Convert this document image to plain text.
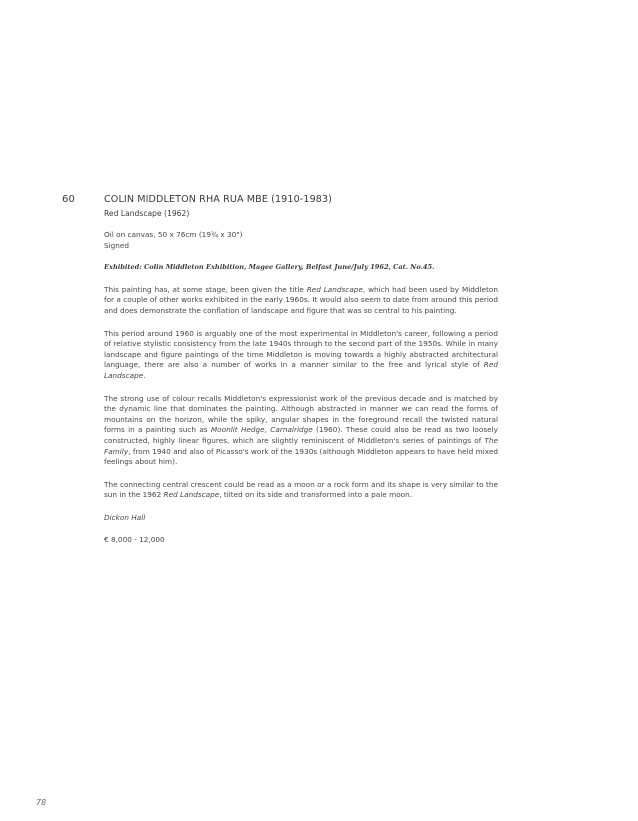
60	COLIN MIDDLETON RHA RUA MBE (1910-1983)
Red Landscape (1962)
Oil on canvas, 50 x 76cm (19¾ x 30")
Signed
Exhibited: Colin Middleton Exhibition, Magee Gallery, Belfast June/July 1962, Cat. No.45.
This painting has, at some stage, been given the title Red Landscape, which had been used by Middleton for a couple of other works exhibited in the early 1960s. It would also seem to date from around this period and does demonstrate the conflation of landscape and figure that was so central to his painting.
This period around 1960 is arguably one of the most experimental in Middleton's career, following a period of relative stylistic consistency from the late 1940s through to the second part of the 1950s. While in many landscape and figure paintings of the time Middleton is moving towards a highly abstracted architectural language, there are also a number of works in a manner similar to the free and lyrical style of Red Landscape.
The strong use of colour recalls Middleton's expressionist work of the previous decade and is matched by the dynamic line that dominates the painting. Although abstracted in manner we can read the forms of mountains on the horizon, while the spiky, angular shapes in the foreground recall the twisted natural forms in a painting such as Moonlit Hedge, Carnalridge (1960). These could also be read as two loosely constructed, highly linear figures, which are slightly reminiscent of Middleton's series of paintings of The Family, from 1940 and also of Picasso's work of the 1930s (although Middleton appears to have held mixed feelings about him).
The connecting central crescent could be read as a moon or a rock form and its shape is very similar to the sun in the 1962 Red Landscape, tilted on its side and transformed into a pale moon.
Dickon Hall
€ 8,000 - 12,000
78
